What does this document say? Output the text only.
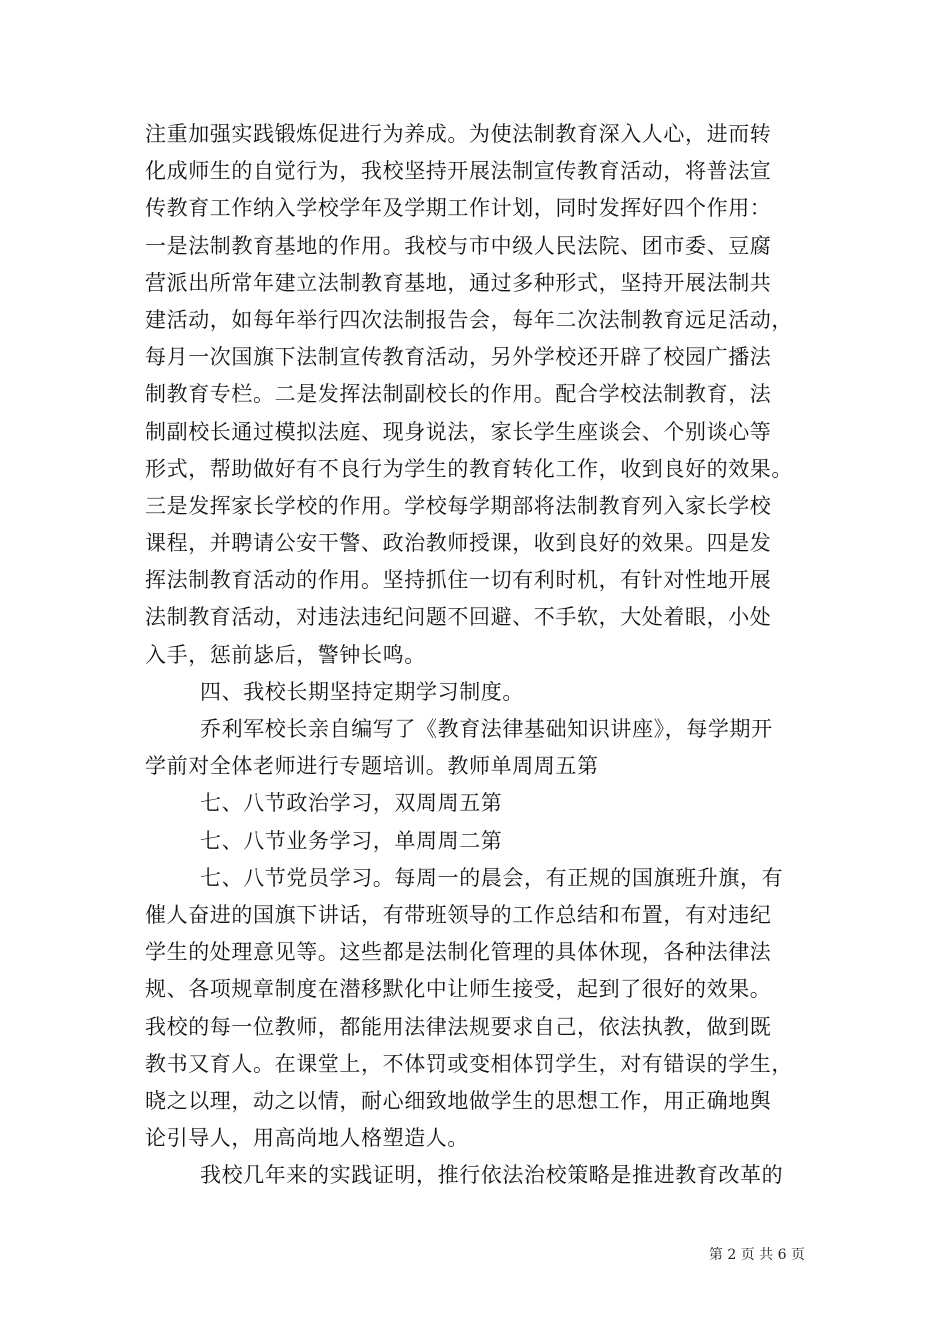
注重加强实践锻炼促进行为养成。为使法制教育深入人心，进而转
化成师生的自觉行为，我校坚持开展法制宣传教育活动，将普法宣
传教育工作纳入学校学年及学期工作计划，同时发挥好四个作用：
一是法制教育基地的作用。我校与市中级人民法院、团市委、豆腐
营派出所常年建立法制教育基地，通过多种形式，坚持开展法制共
建活动，如每年举行四次法制报告会，每年二次法制教育远足活动，
每月一次国旗下法制宣传教育活动，另外学校还开辟了校园广播法
制教育专栏。二是发挥法制副校长的作用。配合学校法制教育，法
制副校长通过模拟法庭、现身说法，家长学生座谈会、个别谈心等
形式，帮助做好有不良行为学生的教育转化工作，收到良好的效果。
三是发挥家长学校的作用。学校每学期部将法制教育列入家长学校
课程，并聘请公安干警、政治教师授课，收到良好的效果。四是发
挥法制教育活动的作用。坚持抓住一切有利时机，有针对性地开展
法制教育活动，对违法违纪问题不回避、不手软，大处着眼，小处
入手，惩前毖后，警钟长鸣。
四、我校长期坚持定期学习制度。
乔利军校长亲自编写了《教育法律基础知识讲座》，每学期开
学前对全体老师进行专题培训。教师单周周五第
七、八节政治学习，双周周五第
七、八节业务学习，单周周二第
七、八节党员学习。每周一的晨会，有正规的国旗班升旗，有
催人奋进的国旗下讲话，有带班领导的工作总结和布置，有对违纪
学生的处理意见等。这些都是法制化管理的具体休现，各种法律法
规、各项规章制度在潜移默化中让师生接受，起到了很好的效果。
我校的每一位教师，都能用法律法规要求自己，依法执教，做到既
教书又育人。在课堂上，不体罚或变相体罚学生，对有错误的学生，
晓之以理，动之以情，耐心细致地做学生的思想工作，用正确地舆
论引导人，用高尚地人格塑造人。
我校几年来的实践证明，推行依法治校策略是推进教育改革的
第 2 页 共 6 页
